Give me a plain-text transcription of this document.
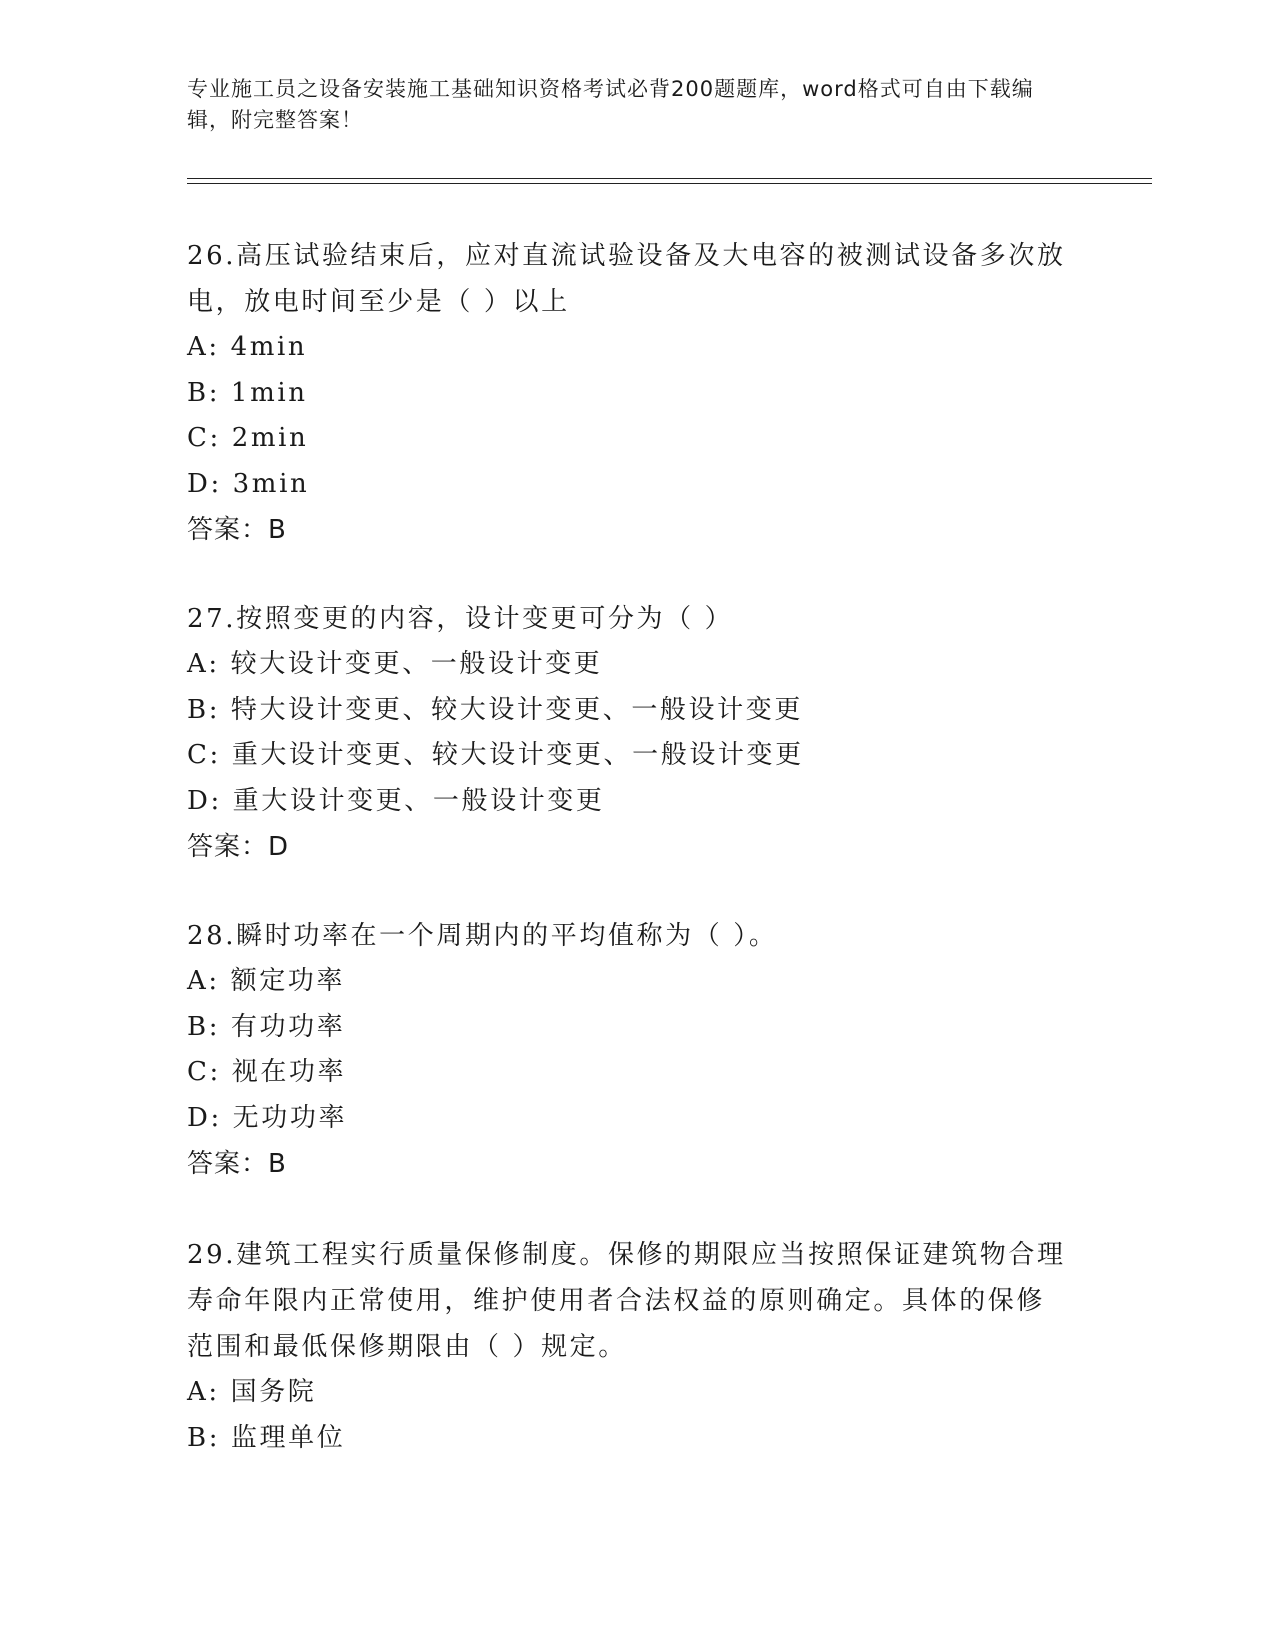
专业施工员之设备安装施工基础知识资格考试必背200题题库，word格式可自由下载编辑，附完整答案！
26.高压试验结束后，应对直流试验设备及大电容的被测试设备多次放电，放电时间至少是（ ）以上
A: 4min
B: 1min
C: 2min
D: 3min
答案：B
27.按照变更的内容，设计变更可分为（ ）
A: 较大设计变更、一般设计变更
B: 特大设计变更、较大设计变更、一般设计变更
C: 重大设计变更、较大设计变更、一般设计变更
D: 重大设计变更、一般设计变更
答案：D
28.瞬时功率在一个周期内的平均值称为（ ）。
A: 额定功率
B: 有功功率
C: 视在功率
D: 无功功率
答案：B
29.建筑工程实行质量保修制度。保修的期限应当按照保证建筑物合理寿命年限内正常使用，维护使用者合法权益的原则确定。具体的保修范围和最低保修期限由（ ）规定。
A: 国务院
B: 监理单位
